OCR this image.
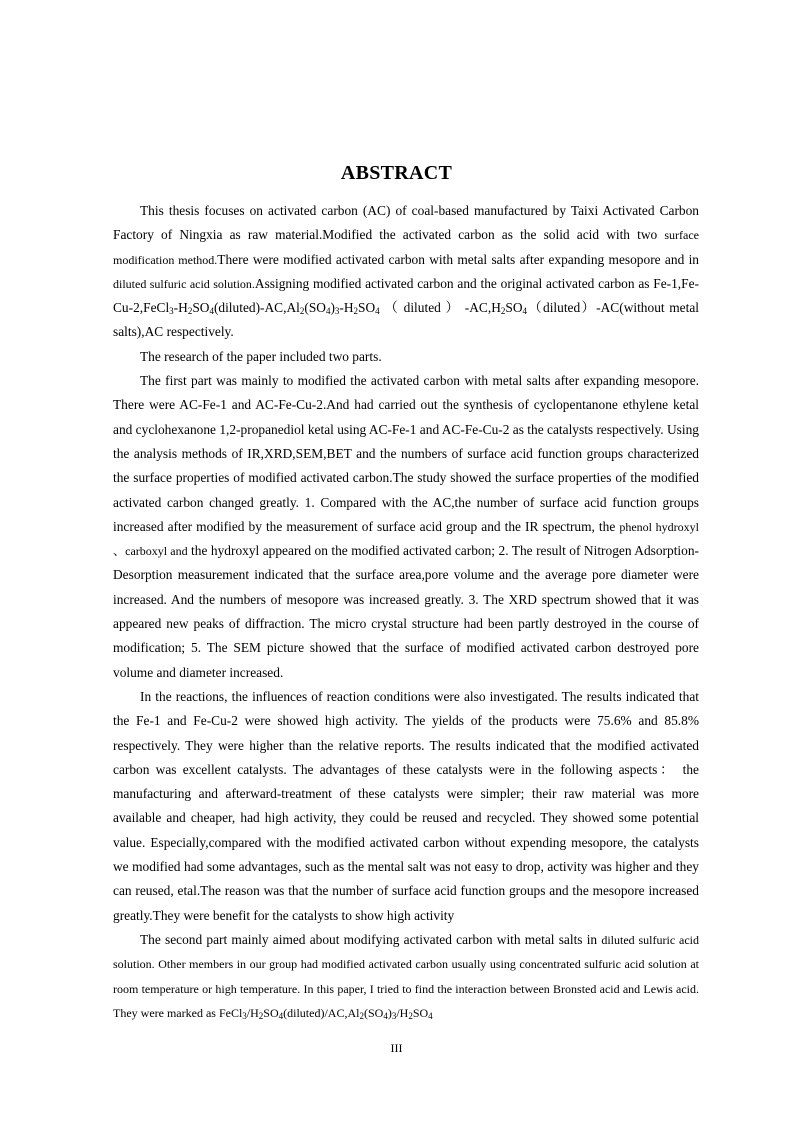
ABSTRACT

This thesis focuses on activated carbon (AC) of coal-based manufactured by Taixi Activated Carbon Factory of Ningxia as raw material.Modified the activated carbon as the solid acid with two surface modification method.There were modified activated carbon with metal salts after expanding mesopore and in diluted sulfuric acid solution.Assigning modified activated carbon and the original activated carbon as $Fe-1,Fe-Cu-2,FeCl_3-H_2SO_4(diluted)-AC,Al_2(SO_4)_3-H_2SO_4$ （ diluted ） $-AC,H_2SO_4(diluted)-AC(without$ metal salts),AC respectively.

The research of the paper included two parts.

The first part was mainly to modified the activated carbon with metal salts after expanding mesopore. There were AC-Fe-1 and AC-Fe-Cu-2.And had carried out the synthesis of cyclopentanone ethylene ketal and cyclohexanone 1,2-propanediol ketal using AC-Fe-1 and AC-Fe-Cu-2 as the catalysts respectively. Using the analysis methods of IR,XRD,SEM,BET and the numbers of surface acid function groups characterized the surface properties of modified activated carbon.The study showed the surface properties of the modified activated carbon changed greatly. 1. Compared with the AC,the number of surface acid function groups increased after modified by the measurement of surface acid group and the IR spectrum, the phenol hydroxyl 、carboxyl and the hydroxyl appeared on the modified activated carbon; 2. The result of Nitrogen Adsorption-Desorption measurement indicated that the surface area,pore volume and the average pore diameter were increased. And the numbers of mesopore was increased greatly. 3. The XRD spectrum showed that it was appeared new peaks of diffraction. The micro crystal structure had been partly destroyed in the course of modification; 5. The SEM picture showed that the surface of modified activated carbon destroyed pore volume and diameter increased.

In the reactions, the influences of reaction conditions were also investigated. The results indicated that the Fe-1 and Fe-Cu-2 were showed high activity. The yields of the products were 75.6% and 85.8% respectively. They were higher than the relative reports. The results indicated that the modified activated carbon was excellent catalysts. The advantages of these catalysts were in the following aspects： the manufacturing and afterward-treatment of these catalysts were simpler; their raw material was more available and cheaper, had high activity, they could be reused and recycled. They showed some potential value. Especially,compared with the modified activated carbon without expending mesopore, the catalysts we modified had some advantages, such as the mental salt was not easy to drop, activity was higher and they can reused, etal.The reason was that the number of surface acid function groups and the mesopore increased greatly.They were benefit for the catalysts to show high activity

The second part mainly aimed about modifying activated carbon with metal salts in diluted sulfuric acid solution. Other members in our group had modified activated carbon usually using concentrated sulfuric acid solution at room temperature or high temperature. In this paper, I tried to find the interaction between Bronsted acid and Lewis acid. They were marked as $FeCl_3/H_2SO_4(diluted)/AC,Al_2(SO_4)_3/H_2SO_4$

III
